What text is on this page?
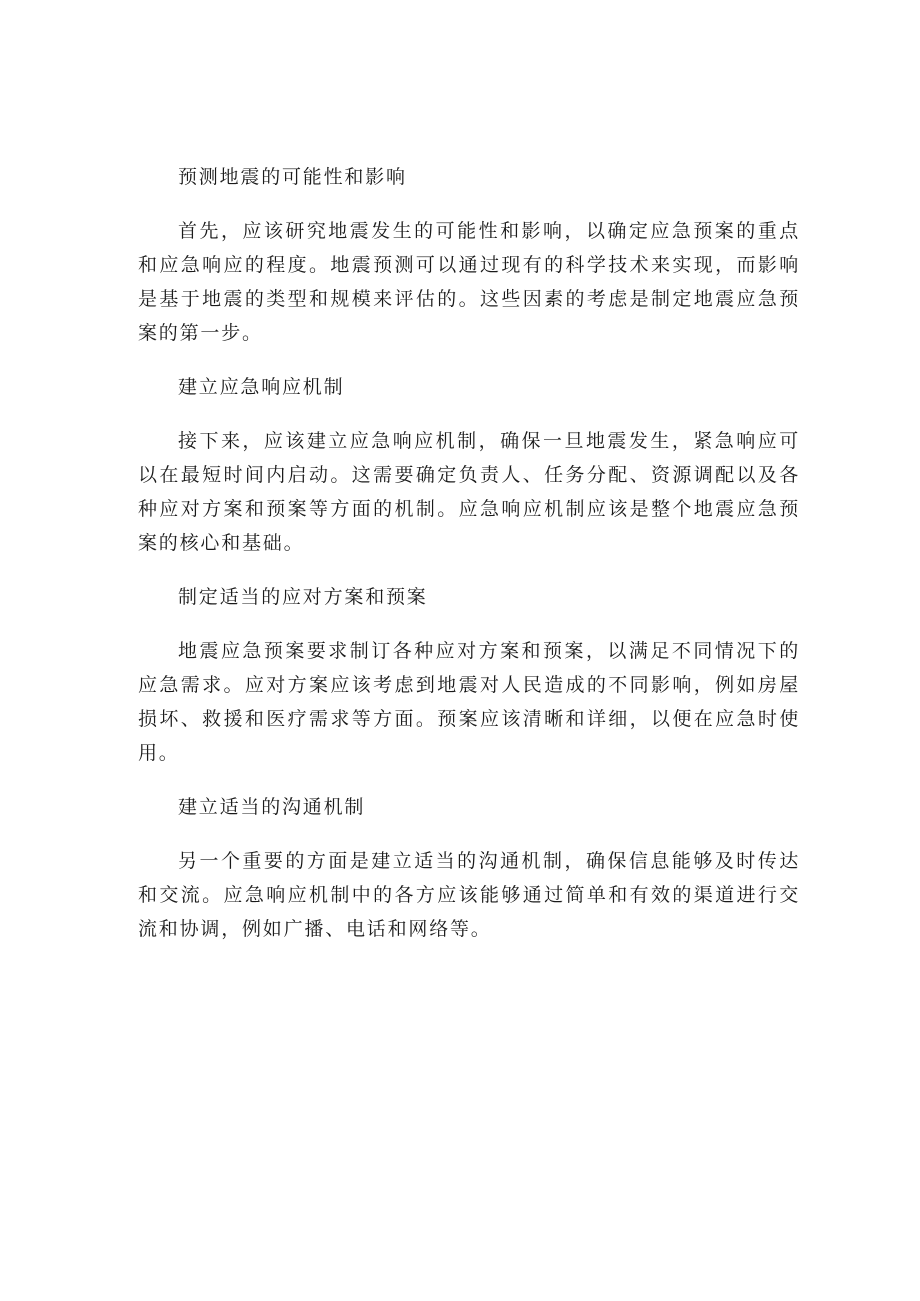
预测地震的可能性和影响

首先，应该研究地震发生的可能性和影响，以确定应急预案的重点和应急响应的程度。地震预测可以通过现有的科学技术来实现，而影响是基于地震的类型和规模来评估的。这些因素的考虑是制定地震应急预案的第一步。

建立应急响应机制

接下来，应该建立应急响应机制，确保一旦地震发生，紧急响应可以在最短时间内启动。这需要确定负责人、任务分配、资源调配以及各种应对方案和预案等方面的机制。应急响应机制应该是整个地震应急预案的核心和基础。

制定适当的应对方案和预案

地震应急预案要求制订各种应对方案和预案，以满足不同情况下的应急需求。应对方案应该考虑到地震对人民造成的不同影响，例如房屋损坏、救援和医疗需求等方面。预案应该清晰和详细，以便在应急时使用。

建立适当的沟通机制

另一个重要的方面是建立适当的沟通机制，确保信息能够及时传达和交流。应急响应机制中的各方应该能够通过简单和有效的渠道进行交流和协调，例如广播、电话和网络等。
